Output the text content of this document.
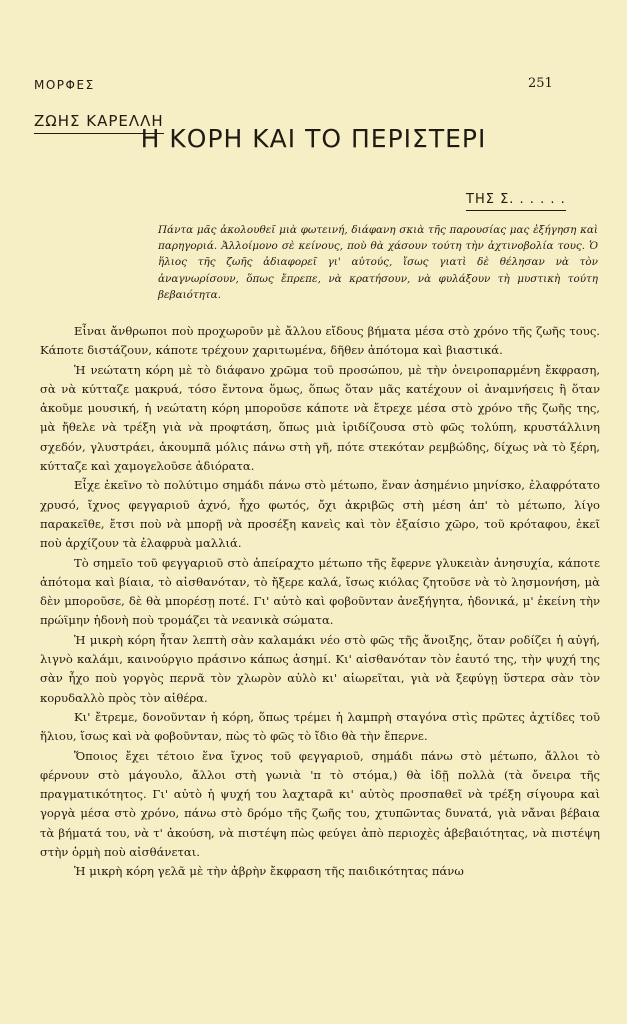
ΜΟΡΦΕΣ	251
ΖΩΗΣ ΚΑΡΕΛΛΗ
Η ΚΟΡΗ ΚΑΙ ΤΟ ΠΕΡΙΣΤΕΡΙ
ΤΗΣ Σ. . . . . .

Πάντα μᾶς ἀκολουθεῖ μιὰ φωτεινή, διάφανη σκιὰ τῆς παρουσίας μας ἐξήγηση καὶ παρηγοριά. Ἀλλοίμονο σὲ κείνους, ποὺ θὰ χάσουν τούτη τὴν ἀχτινοβολία τους. Ὁ ἥλιος τῆς ζωῆς ἀδιαφορεῖ γι' αὐτούς, ἴσως γιατὶ δὲ θέλησαν νὰ τὸν ἀναγνωρίσουν, ὅπως ἔπρεπε, νὰ κρατήσουν, νὰ φυλάξουν τὴ μυστικὴ τούτη βεβαιότητα.

Εἶναι ἄνθρωποι ποὺ προχωροῦν μὲ ἄλλου εἴδους βήματα μέσα στὸ χρόνο τῆς ζωῆς τους. Κάποτε διστάζουν, κάποτε τρέχουν χαριτωμένα, δῆθεν ἀπότομα καὶ βιαστικά.

Ἡ νεώτατη κόρη μὲ τὸ διάφανο χρῶμα τοῦ προσώπου, μὲ τὴν ὀνειροπαρμένη ἔκφραση, σὰ νὰ κύτταζε μακρυά, τόσο ἔντονα ὅμως, ὅπως ὅταν μᾶς κατέχουν οἱ ἀναμνήσεις ἢ ὅταν ἀκοῦμε μουσική, ἡ νεώτατη κόρη μποροῦσε κάποτε νὰ ἔτρεχε μέσα στὸ χρόνο τῆς ζωῆς της, μὰ ἤθελε νὰ τρέξη γιὰ νὰ προφτάση, ὅπως μιὰ ἰριδίζουσα στὸ φῶς τολύπη, κρυστάλλινη σχεδόν, γλυστράει, ἀκουμπᾶ μόλις πάνω στὴ γῆ, πότε στεκόταν ρεμβώδης, δίχως νὰ τὸ ξέρη, κύτταζε καὶ χαμογελοῦσε ἀδιόρατα.

Εἶχε ἐκεῖνο τὸ πολύτιμο σημάδι πάνω στὸ μέτωπο, ἕναν ἀσημένιο μηνίσκο, ἐλαφρότατο χρυσό, ἴχνος φεγγαριοῦ ἀχνό, ἦχο φωτός, ὄχι ἀκριβῶς στὴ μέση ἀπ' τὸ μέτωπο, λίγο παρακεῖθε, ἔτσι ποὺ νὰ μπορῇ νὰ προσέξη κανεὶς καὶ τὸν ἐξαίσιο χῶρο, τοῦ κρόταφου, ἐκεῖ ποὺ ἀρχίζουν τὰ ἐλαφρυὰ μαλλιά.

Τὸ σημεῖο τοῦ φεγγαριοῦ στὸ ἀπείραχτο μέτωπο τῆς ἔφερνε γλυκειὰν ἀνησυχία, κάποτε ἀπότομα καὶ βίαια, τὸ αἰσθανόταν, τὸ ἤξερε καλά, ἴσως κιόλας ζητοῦσε νὰ τὸ λησμονήση, μὰ δὲν μποροῦσε, δὲ θὰ μπορέσῃ ποτέ. Γι' αὐτὸ καὶ φοβοῦνταν ἀνεξήγητα, ἡδονικά, μ' ἐκείνη τὴν πρώϊμην ἡδονὴ ποὺ τρομάζει τὰ νεανικὰ σώματα.

Ἡ μικρὴ κόρη ἦταν λεπτὴ σὰν καλαμάκι νέο στὸ φῶς τῆς ἄνοιξης, ὅταν ροδίζει ἡ αὐγή, λιγνὸ καλάμι, καινούργιο πράσινο κάπως ἀσημί. Κι' αἰσθανόταν τὸν ἑαυτό της, τὴν ψυχή της σὰν ἦχο ποὺ γοργὸς περνᾶ τὸν χλωρὸν αὐλὸ κι' αἰωρεῖται, γιὰ νὰ ξεφύγῃ ὕστερα σὰν τὸν κορυδαλλὸ πρὸς τὸν αἰθέρα.

Κι' ἔτρεμε, δονοῦνταν ἡ κόρη, ὅπως τρέμει ἡ λαμπρὴ σταγόνα στὶς πρῶτες ἀχτίδες τοῦ ἥλιου, ἴσως καὶ νὰ φοβοῦνταν, πὼς τὸ φῶς τὸ ἴδιο θὰ τὴν ἔπερνε.

Ὅποιος ἔχει τέτοιο ἕνα ἴχνος τοῦ φεγγαριοῦ, σημάδι πάνω στὸ μέτωπο, ἄλλοι τὸ φέρνουν στὸ μάγουλο, ἄλλοι στὴ γωνιὰ 'π τὸ στόμα,) θὰ ἰδῇ πολλὰ (τὰ ὄνειρα τῆς πραγματικότητος. Γι' αὐτὸ ἡ ψυχή του λαχταρᾶ κι' αὐτὸς προσπαθεῖ νὰ τρέξη σίγουρα καὶ γοργὰ μέσα στὸ χρόνο, πάνω στὸ δρόμο τῆς ζωῆς του, χτυπῶντας δυνατά, γιὰ νἄναι βέβαια τὰ βήματά του, νὰ τ' ἀκούση, νὰ πιστέψη πὼς φεύγει ἀπὸ περιοχὲς ἀβεβαιότητας, νὰ πιστέψη στὴν ὁρμὴ ποὺ αἰσθάνεται.

Ἡ μικρὴ κόρη γελᾶ μὲ τὴν ἁβρὴν ἔκφραση τῆς παιδικότητας πάνω
